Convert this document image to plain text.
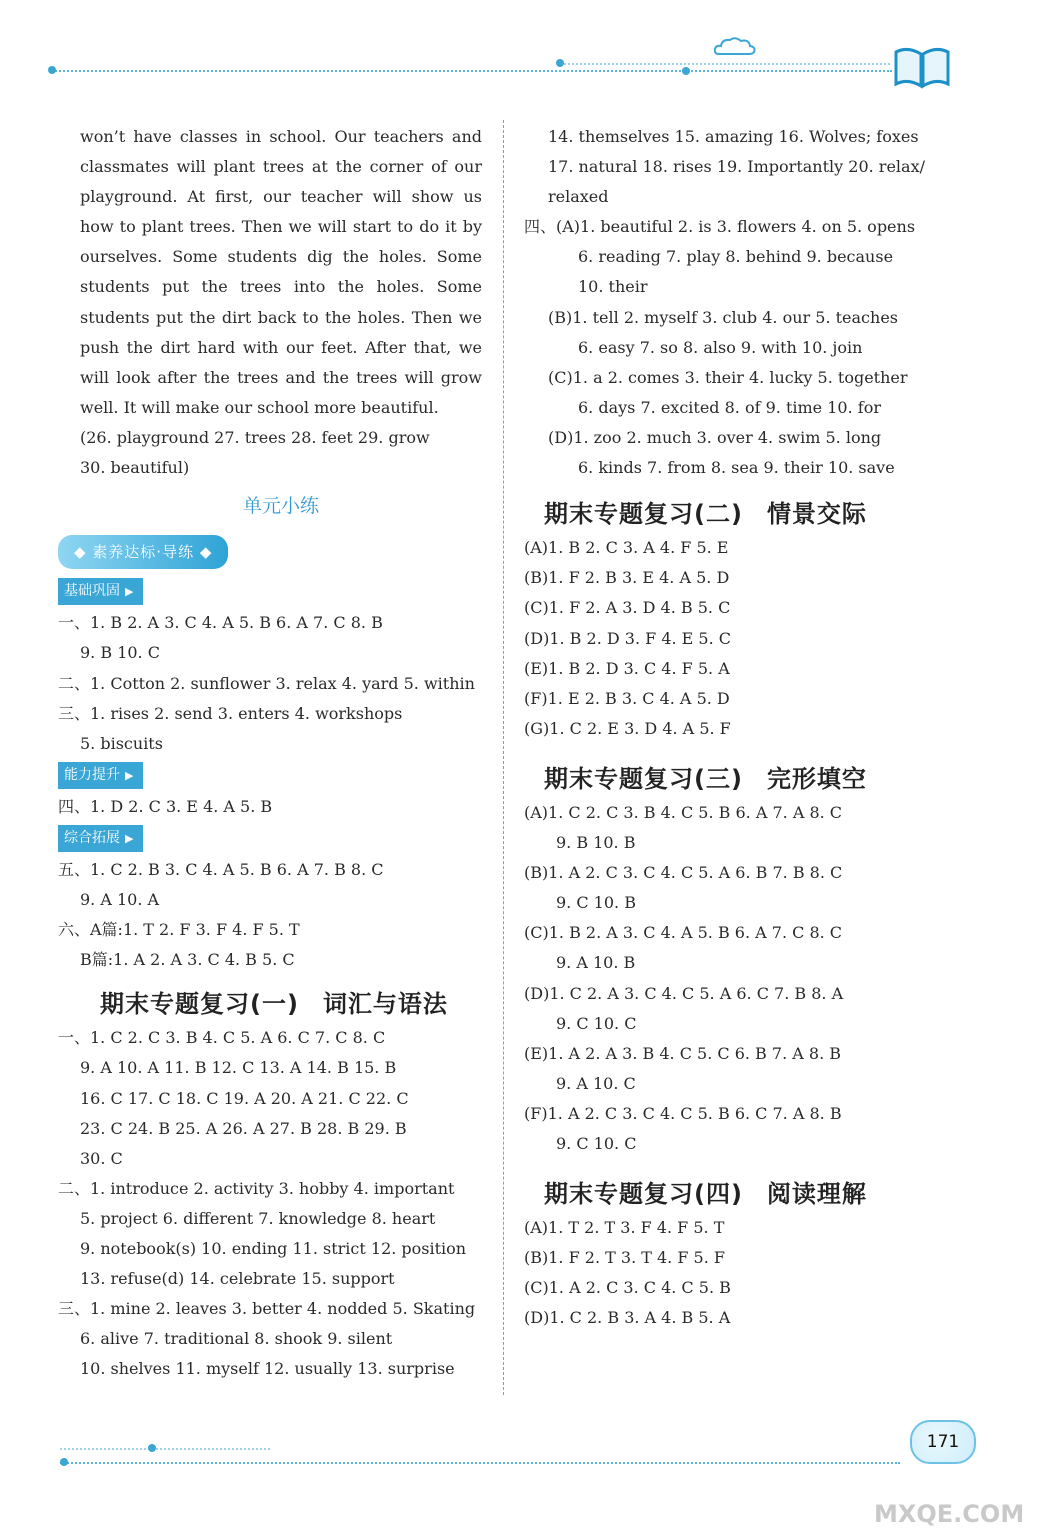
won’t have classes in school. Our teachers and classmates will plant trees at the corner of our playground. At first, our teacher will show us how to plant trees. Then we will start to do it by ourselves. Some students dig the holes. Some students put the trees into the holes. Some students put the dirt back to the holes. Then we push the dirt hard with our feet. After that, we will look after the trees and the trees will grow well. It will make our school more beautiful.
(26. playground 27. trees 28. feet 29. grow
30. beautiful)
单元小练
◆ 素养达标·导练 ◆
基础巩固 ▶
一、1. B 2. A 3. C 4. A 5. B 6. A 7. C 8. B
9. B 10. C
二、1. Cotton 2. sunflower 3. relax 4. yard 5. within
三、1. rises 2. send 3. enters 4. workshops
5. biscuits
能力提升 ▶
四、1. D 2. C 3. E 4. A 5. B
综合拓展 ▶
五、1. C 2. B 3. C 4. A 5. B 6. A 7. B 8. C
9. A 10. A
六、A篇:1. T 2. F 3. F 4. F 5. T
B篇:1. A 2. A 3. C 4. B 5. C
期末专题复习(一) 词汇与语法
一、1. C 2. C 3. B 4. C 5. A 6. C 7. C 8. C
9. A 10. A 11. B 12. C 13. A 14. B 15. B
16. C 17. C 18. C 19. A 20. A 21. C 22. C
23. C 24. B 25. A 26. A 27. B 28. B 29. B
30. C
二、1. introduce 2. activity 3. hobby 4. important
5. project 6. different 7. knowledge 8. heart
9. notebook(s) 10. ending 11. strict 12. position
13. refuse(d) 14. celebrate 15. support
三、1. mine 2. leaves 3. better 4. nodded 5. Skating
6. alive 7. traditional 8. shook 9. silent
10. shelves 11. myself 12. usually 13. surprise
14. themselves 15. amazing 16. Wolves; foxes
17. natural 18. rises 19. Importantly 20. relax/
relaxed
四、(A)1. beautiful 2. is 3. flowers 4. on 5. opens
6. reading 7. play 8. behind 9. because
10. their
(B)1. tell 2. myself 3. club 4. our 5. teaches
6. easy 7. so 8. also 9. with 10. join
(C)1. a 2. comes 3. their 4. lucky 5. together
6. days 7. excited 8. of 9. time 10. for
(D)1. zoo 2. much 3. over 4. swim 5. long
6. kinds 7. from 8. sea 9. their 10. save
期末专题复习(二) 情景交际
(A)1. B 2. C 3. A 4. F 5. E
(B)1. F 2. B 3. E 4. A 5. D
(C)1. F 2. A 3. D 4. B 5. C
(D)1. B 2. D 3. F 4. E 5. C
(E)1. B 2. D 3. C 4. F 5. A
(F)1. E 2. B 3. C 4. A 5. D
(G)1. C 2. E 3. D 4. A 5. F
期末专题复习(三) 完形填空
(A)1. C 2. C 3. B 4. C 5. B 6. A 7. A 8. C
9. B 10. B
(B)1. A 2. C 3. C 4. C 5. A 6. B 7. B 8. C
9. C 10. B
(C)1. B 2. A 3. C 4. A 5. B 6. A 7. C 8. C
9. A 10. B
(D)1. C 2. A 3. C 4. C 5. A 6. C 7. B 8. A
9. C 10. C
(E)1. A 2. A 3. B 4. C 5. C 6. B 7. A 8. B
9. A 10. C
(F)1. A 2. C 3. C 4. C 5. B 6. C 7. A 8. B
9. C 10. C
期末专题复习(四) 阅读理解
(A)1. T 2. T 3. F 4. F 5. T
(B)1. F 2. T 3. T 4. F 5. F
(C)1. A 2. C 3. C 4. C 5. B
(D)1. C 2. B 3. A 4. B 5. A
171
MXQE.COM
